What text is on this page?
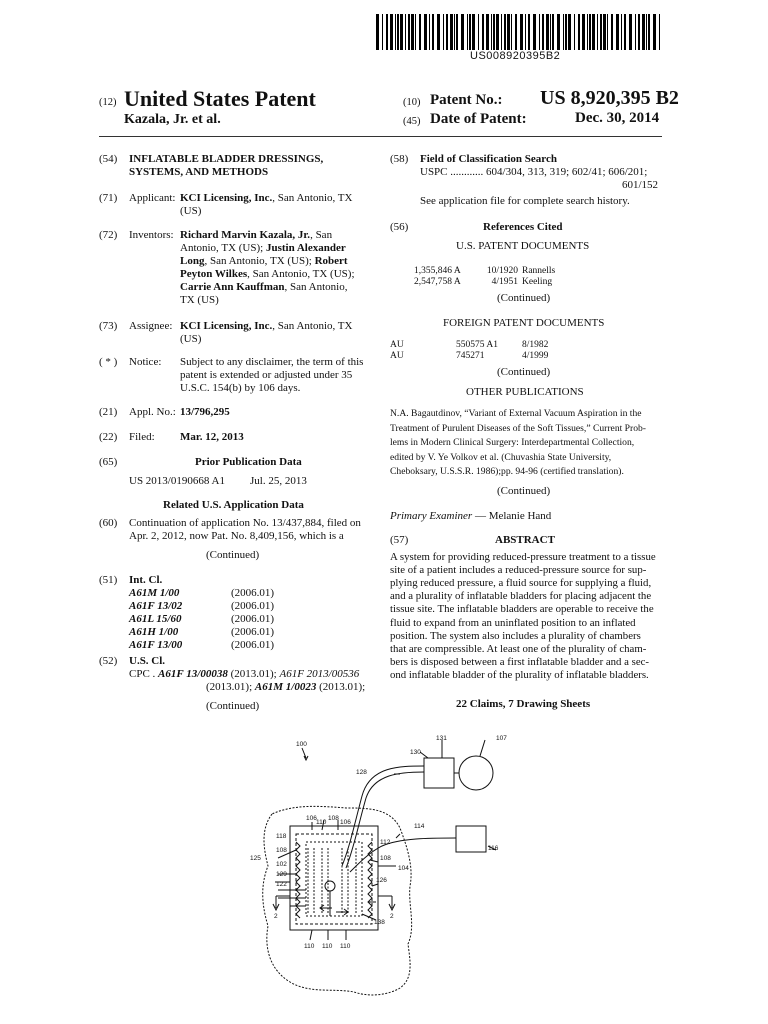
US008920395B2
(12) United States Patent
Kazala, Jr. et al.
(10) Patent No.: US 8,920,395 B2
(45) Date of Patent:	Dec. 30, 2014
(54) INFLATABLE BLADDER DRESSINGS,
SYSTEMS, AND METHODS
(71) Applicant: KCI Licensing, Inc., San Antonio, TX
(US)
(72) Inventors: Richard Marvin Kazala, Jr., San
Antonio, TX (US); Justin Alexander
Long, San Antonio, TX (US); Robert
Peyton Wilkes, San Antonio, TX (US);
Carrie Ann Kauffman, San Antonio,
TX (US)
(73) Assignee: KCI Licensing, Inc., San Antonio, TX
(US)
( * ) Notice: Subject to any disclaimer, the term of this
patent is extended or adjusted under 35
U.S.C. 154(b) by 106 days.
(21) Appl. No.: 13/796,295
(22) Filed: Mar. 12, 2013
(65)	Prior Publication Data
US 2013/0190668 A1 Jul. 25, 2013
Related U.S. Application Data
(60) Continuation of application No. 13/437,884, filed on
Apr. 2, 2012, now Pat. No. 8,409,156, which is a
(Continued)
(51) Int. Cl.
A61M 1/00	(2006.01)
A61F 13/02	(2006.01)
A61L 15/60	(2006.01)
A61H 1/00	(2006.01)
A61F 13/00	(2006.01)
(52) U.S. Cl.
CPC . A61F 13/00038 (2013.01); A61F 2013/00536
(2013.01); A61M 1/0023 (2013.01);
(Continued)
(58) Field of Classification Search
USPC ............ 604/304, 313, 319; 602/41; 606/201;
601/152
See application file for complete search history.
(56)	References Cited
U.S. PATENT DOCUMENTS
1,355,846 A	10/1920 Rannells
2,547,758 A	4/1951 Keeling
(Continued)
FOREIGN PATENT DOCUMENTS
AU	550575 A1	8/1982
AU	745271	4/1999
(Continued)
OTHER PUBLICATIONS
N.A. Bagautdinov, “Variant of External Vacuum Aspiration in the
Treatment of Purulent Diseases of the Soft Tissues,” Current Prob-
lems in Modern Clinical Surgery: Interdepartmental Collection,
edited by V. Ye Volkov et al. (Chuvashia State University,
Cheboksary, U.S.S.R. 1986);pp. 94-96 (certified translation).
(Continued)
Primary Examiner — Melanie Hand
(57)	ABSTRACT
A system for providing reduced-pressure treatment to a tissue
site of a patient includes a reduced-pressure source for sup-
plying reduced pressure, a fluid source for supplying a fluid,
and a plurality of inflatable bladders for placing adjacent the
tissue site. The inflatable bladders are operable to receive the
fluid to expand from an uninflated position to an inflated
position. The system also includes a plurality of chambers
that are compressible. At least one of the plurality of cham-
bers is disposed between a first inflatable bladder and a sec-
ond inflatable bladder of the plurality of inflatable bladders.
22 Claims, 7 Drawing Sheets
100
107
131
130
128
114
116
106
110
108
106
118
112
108
108
125
102
104
129
126
122
2	2
138
110 110 110
